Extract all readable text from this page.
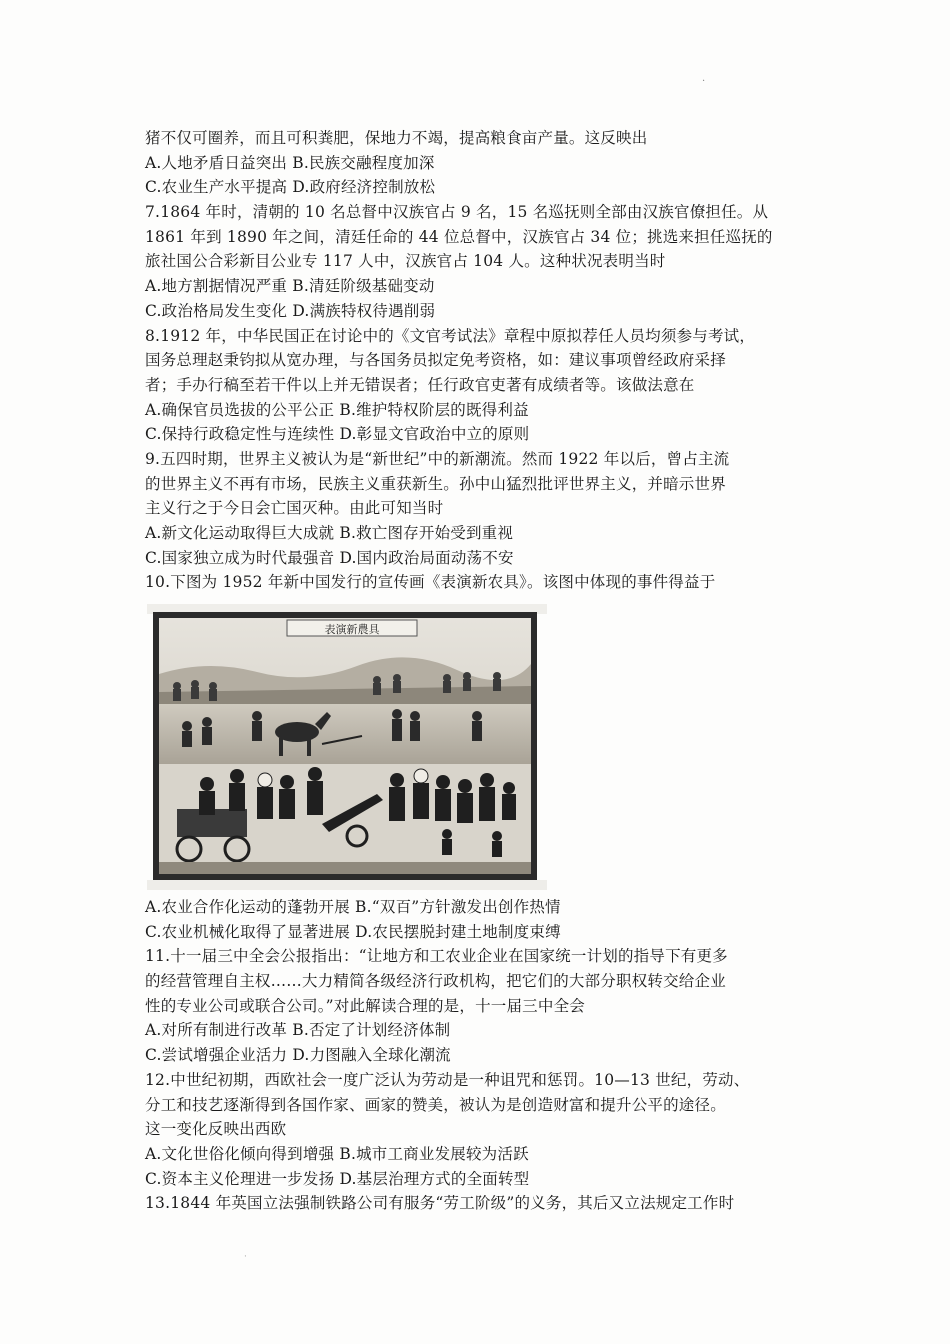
·
猪不仅可圈养，而且可积粪肥，保地力不竭，提高粮食亩产量。这反映出
A.人地矛盾日益突出 B.民族交融程度加深
C.农业生产水平提高 D.政府经济控制放松
7.1864 年时，清朝的 10 名总督中汉族官占 9 名，15 名巡抚则全部由汉族官僚担任。从
1861 年到 1890 年之间，清廷任命的 44 位总督中，汉族官占 34 位；挑选来担任巡抚的
旅社国公合彩新目公业专 117 人中，汉族官占 104 人。这种状况表明当时
A.地方割据情况严重 B.清廷阶级基础变动
C.政治格局发生变化 D.满族特权待遇削弱
8.1912 年，中华民国正在讨论中的《文官考试法》章程中原拟荐任人员均须参与考试，
国务总理赵秉钧拟从宽办理，与各国务员拟定免考资格，如：建议事项曾经政府采择
者；手办行稿至若干件以上并无错误者；任行政官吏著有成绩者等。该做法意在
A.确保官员选拔的公平公正 B.维护特权阶层的既得利益
C.保持行政稳定性与连续性 D.彰显文官政治中立的原则
9.五四时期，世界主义被认为是“新世纪”中的新潮流。然而 1922 年以后，曾占主流
的世界主义不再有市场，民族主义重获新生。孙中山猛烈批评世界主义，并暗示世界
主义行之于今日会亡国灭种。由此可知当时
A.新文化运动取得巨大成就 B.救亡图存开始受到重视
C.国家独立成为时代最强音 D.国内政治局面动荡不安
10.下图为 1952 年新中国发行的宣传画《表演新农具》。该图中体现的事件得益于
表演新農具
A.农业合作化运动的蓬勃开展 B.“双百”方针激发出创作热情
C.农业机械化取得了显著进展 D.农民摆脱封建土地制度束缚
11.十一届三中全会公报指出：“让地方和工农业企业在国家统一计划的指导下有更多
的经营管理自主权……大力精简各级经济行政机构，把它们的大部分职权转交给企业
性的专业公司或联合公司。”对此解读合理的是，十一届三中全会
A.对所有制进行改革 B.否定了计划经济体制
C.尝试增强企业活力 D.力图融入全球化潮流
12.中世纪初期，西欧社会一度广泛认为劳动是一种诅咒和惩罚。10—13 世纪，劳动、
分工和技艺逐渐得到各国作家、画家的赞美，被认为是创造财富和提升公平的途径。
这一变化反映出西欧
A.文化世俗化倾向得到增强 B.城市工商业发展较为活跃
C.资本主义伦理进一步发扬 D.基层治理方式的全面转型
13.1844 年英国立法强制铁路公司有服务“劳工阶级”的义务，其后又立法规定工作时
·
